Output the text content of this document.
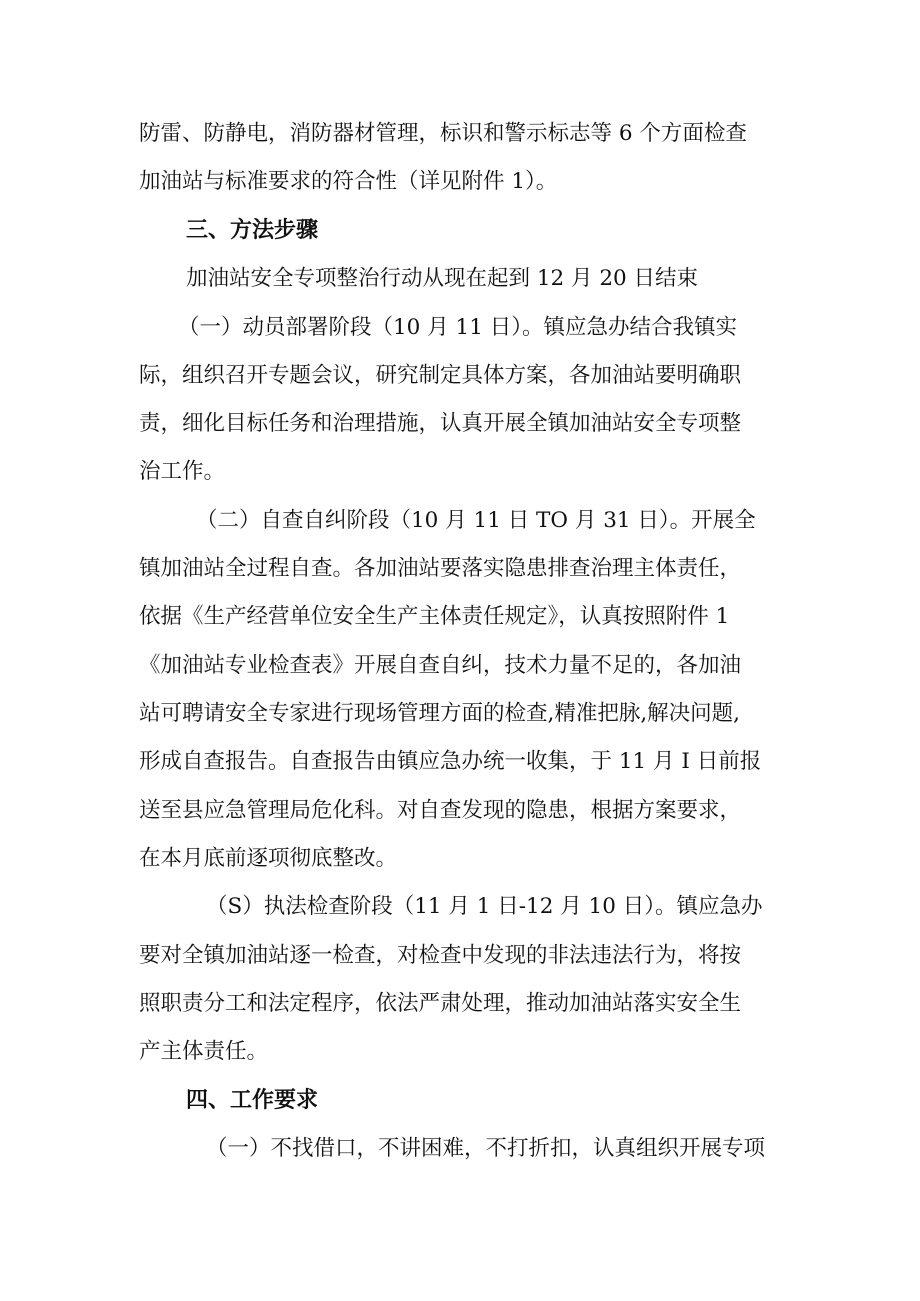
防雷、防静电，消防器材管理，标识和警示标志等 6 个方面检查
加油站与标准要求的符合性（详见附件 1）。
三、方法步骤
加油站安全专项整治行动从现在起到 12 月 20 日结束
（一）动员部署阶段（10 月 11 日）。镇应急办结合我镇实
际，组织召开专题会议，研究制定具体方案，各加油站要明确职
责，细化目标任务和治理措施，认真开展全镇加油站安全专项整
治工作。
（二）自查自纠阶段（10 月 11 日 TO 月 31 日）。开展全
镇加油站全过程自查。各加油站要落实隐患排查治理主体责任，
依据《生产经营单位安全生产主体责任规定》，认真按照附件 1
《加油站专业检查表》开展自查自纠，技术力量不足的，各加油
站可聘请安全专家进行现场管理方面的检查,精准把脉,解决问题,
形成自查报告。自查报告由镇应急办统一收集，于 11 月 I 日前报
送至县应急管理局危化科。对自查发现的隐患，根据方案要求，
在本月底前逐项彻底整改。
（S）执法检查阶段（11 月 1 日-12 月 10 日）。镇应急办
要对全镇加油站逐一检查，对检查中发现的非法违法行为，将按
照职责分工和法定程序，依法严肃处理，推动加油站落实安全生
产主体责任。
四、工作要求
（一）不找借口，不讲困难，不打折扣，认真组织开展专项
